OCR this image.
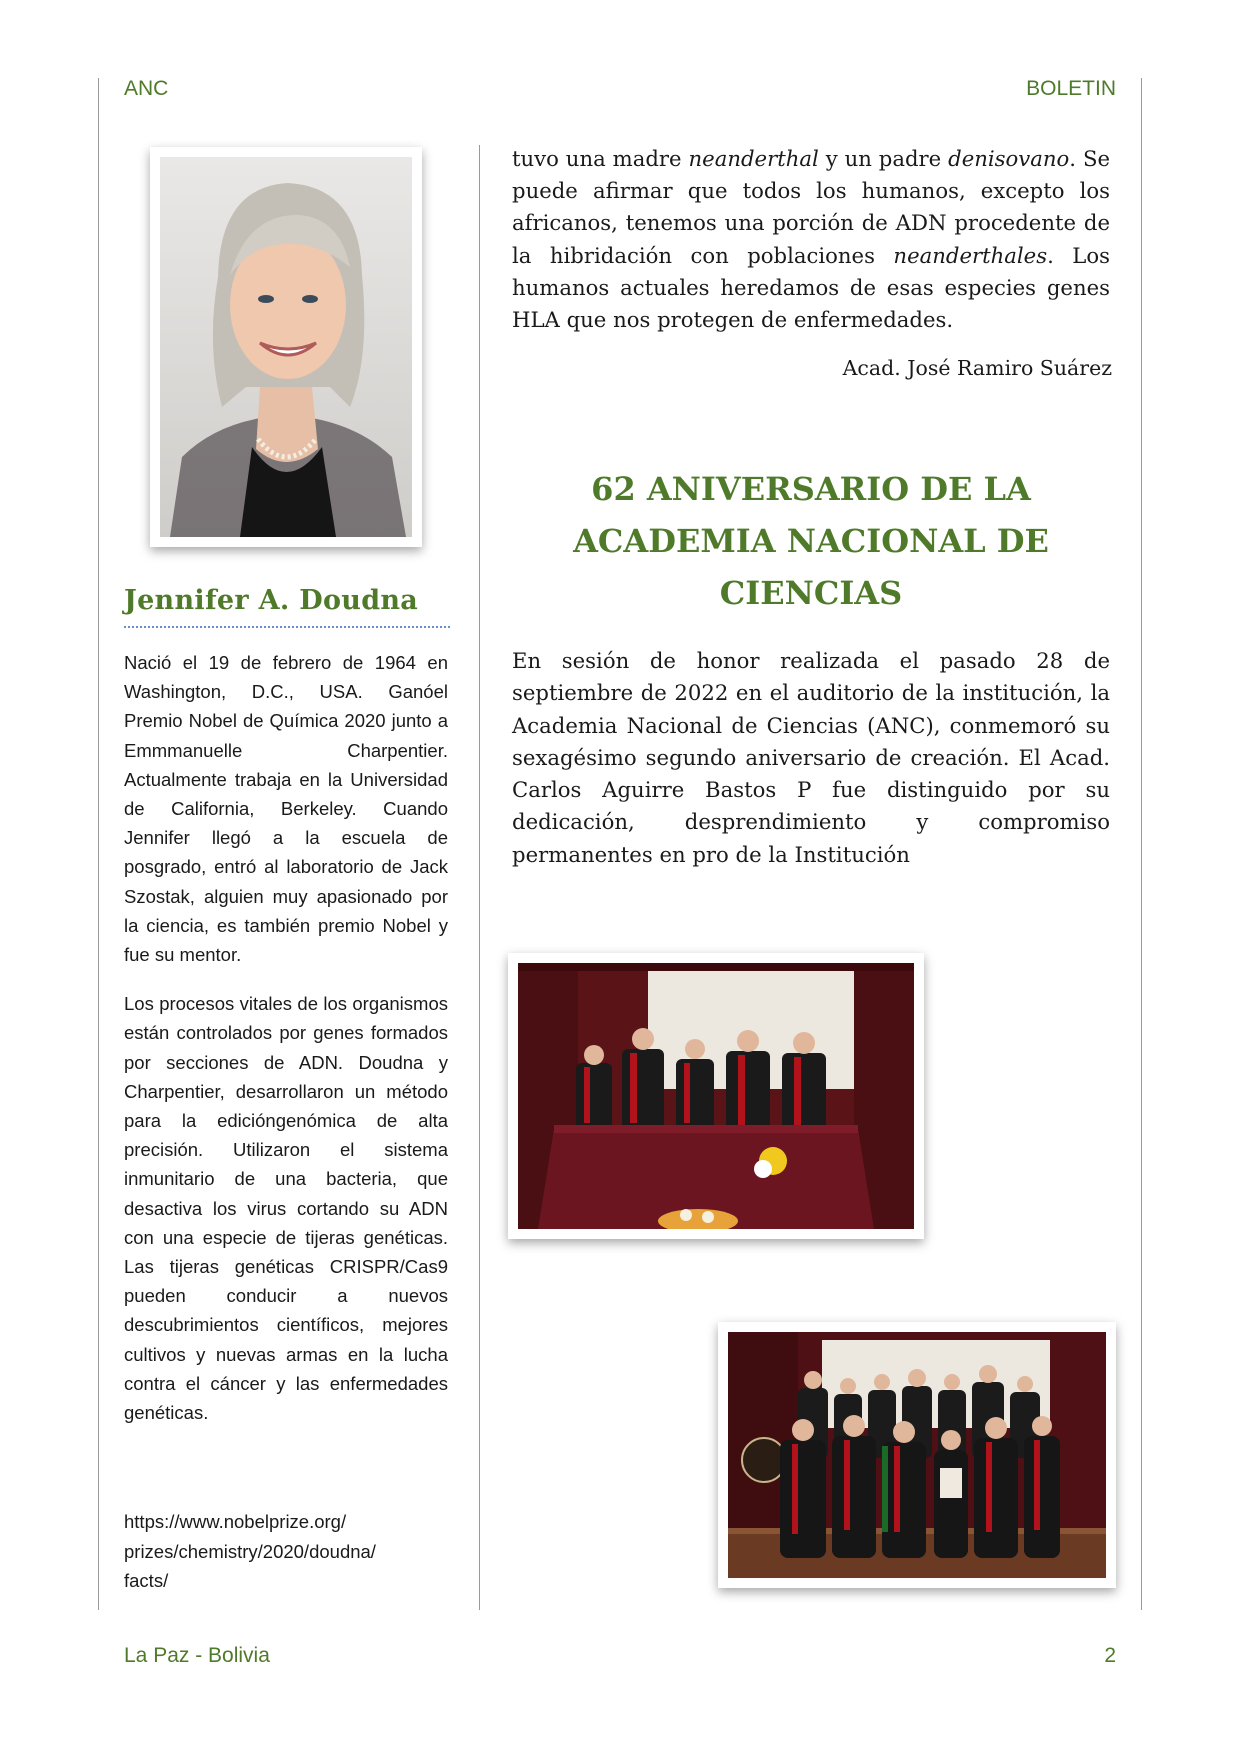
ANC	BOLETIN
Jennifer A. Doudna

Nació el 19 de febrero de 1964 en Washington, D.C., USA. Ganóel Premio Nobel de Química 2020 junto a Emmmanuelle Charpentier. Actualmente trabaja en la Universidad de California, Berkeley. Cuando Jennifer llegó a la escuela de posgrado, entró al laboratorio de Jack Szostak, alguien muy apasionado por la ciencia, es también premio Nobel y fue su mentor.

Los procesos vitales de los organismos están controlados por genes formados por secciones de ADN. Doudna y Charpentier, desarrollaron un método para la edicióngenómica de alta precisión. Utilizaron el sistema inmunitario de una bacteria, que desactiva los virus cortando su ADN con una especie de tijeras genéticas. Las tijeras genéticas CRISPR/Cas9 pueden conducir a nuevos descubrimientos científicos, mejores cultivos y nuevas armas en la lucha contra el cáncer y las enfermedades genéticas.

https://www.nobelprize.org/
prizes/chemistry/2020/doudna/
facts/
tuvo una madre neanderthal y un padre denisovano. Se puede afirmar que todos los humanos, excepto los africanos, tenemos una porción de ADN procedente de la hibridación con poblaciones neanderthales. Los humanos actuales heredamos de esas especies genes HLA que nos protegen de enfermedades.
Acad. José Ramiro Suárez
62 ANIVERSARIO DE LA
ACADEMIA NACIONAL DE
CIENCIAS
En sesión de honor realizada el pasado 28 de septiembre de 2022 en el auditorio de la institución, la Academia Nacional de Ciencias (ANC), conmemoró su sexagésimo segundo aniversario de creación. El Acad. Carlos Aguirre Bastos P fue distinguido por su dedicación, desprendimiento y compromiso permanentes en pro de la Institución
La Paz - Bolivia	2
